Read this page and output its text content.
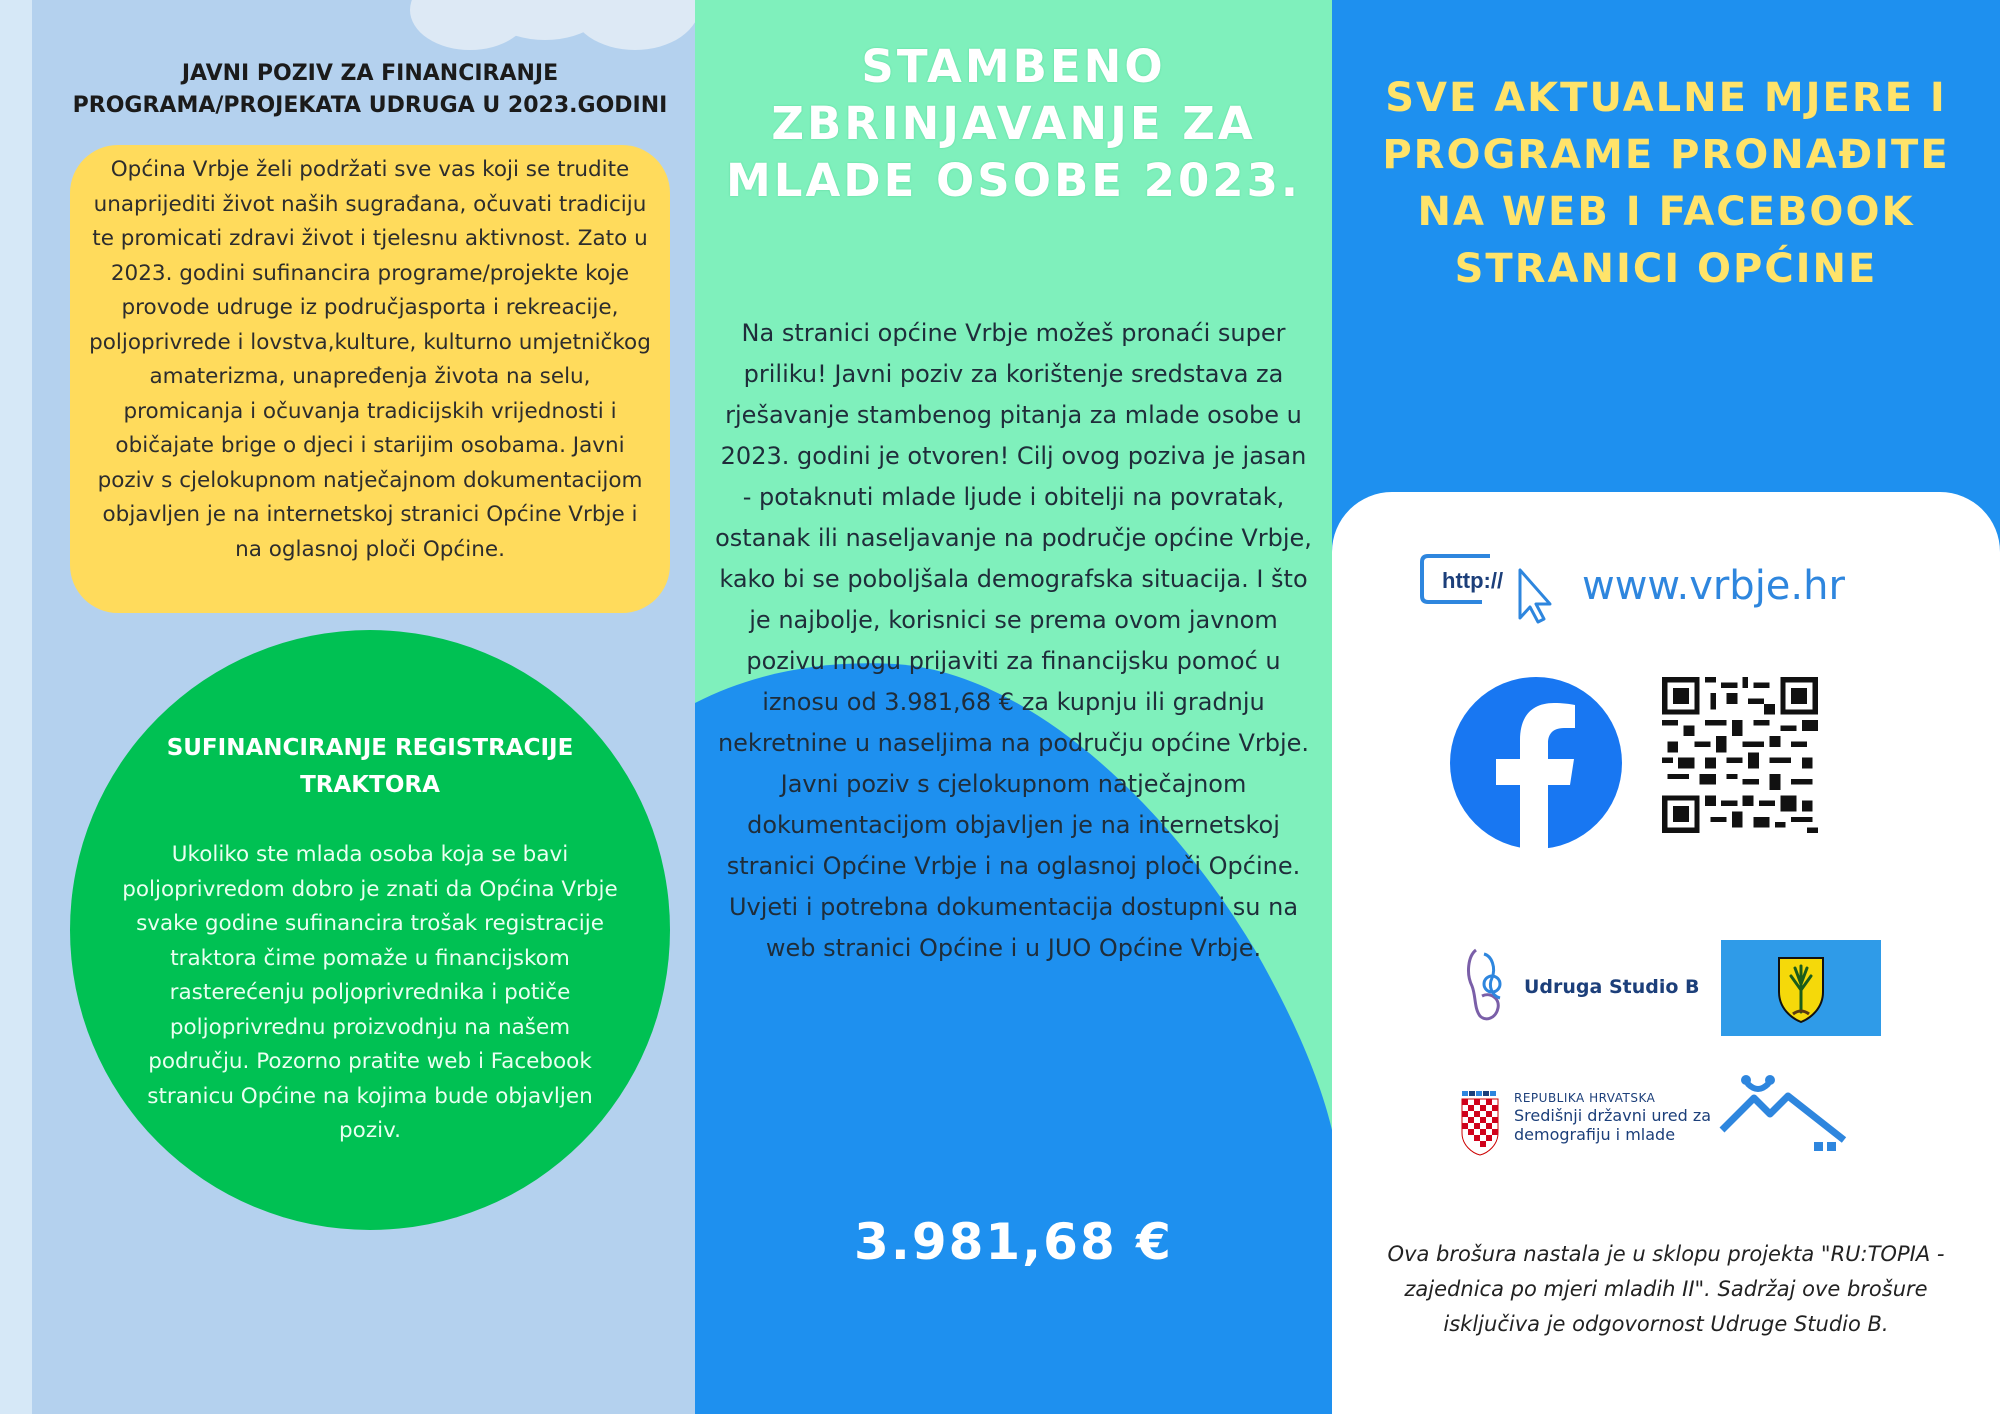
JAVNI POZIV ZA FINANCIRANJE PROGRAMA/PROJEKATA UDRUGA U 2023.GODINI

Općina Vrbje želi podržati sve vas koji se trudite unaprijediti život naših sugrađana, očuvati tradiciju te promicati zdravi život i tjelesnu aktivnost. Zato u 2023. godini sufinancira programe/projekte koje provode udruge iz područjasporta i rekreacije, poljoprivrede i lovstva,kulture, kulturno umjetničkog amaterizma, unapređenja života na selu, promicanja i očuvanja tradicijskih vrijednosti i običajate brige o djeci i starijim osobama. Javni poziv s cjelokupnom natječajnom dokumentacijom objavljen je na internetskoj stranici Općine Vrbje i na oglasnoj ploči Općine.

SUFINANCIRANJE REGISTRACIJE TRAKTORA

Ukoliko ste mlada osoba koja se bavi poljoprivredom dobro je znati da Općina Vrbje svake godine sufinancira trošak registracije traktora čime pomaže u financijskom rasterećenju poljoprivrednika i potiče poljoprivrednu proizvodnju na našem području. Pozorno pratite web i Facebook stranicu Općine na kojima bude objavljen poziv.

STAMBENO ZBRINJAVANJE ZA MLADE OSOBE 2023.

Na stranici općine Vrbje možeš pronaći super priliku! Javni poziv za korištenje sredstava za rješavanje stambenog pitanja za mlade osobe u 2023. godini je otvoren! Cilj ovog poziva je jasan - potaknuti mlade ljude i obitelji na povratak, ostanak ili naseljavanje na područje općine Vrbje, kako bi se poboljšala demografska situacija. I što je najbolje, korisnici se prema ovom javnom pozivu mogu prijaviti za financijsku pomoć u iznosu od 3.981,68 € za kupnju ili gradnju nekretnine u naseljima na području općine Vrbje. Javni poziv s cjelokupnom natječajnom dokumentacijom objavljen je na internetskoj stranici Općine Vrbje i na oglasnoj ploči Općine. Uvjeti i potrebna dokumentacija dostupni su na web stranici Općine i u JUO Općine Vrbje.

3.981,68 €

SVE AKTUALNE MJERE I PROGRAME PRONAĐITE NA WEB I FACEBOOK STRANICI OPĆINE
http:// www.vrbje.hr

Udruga Studio B

REPUBLIKA HRVATSKA

Središnji državni ured za demografiju i mlade

Ova brošura nastala je u sklopu projekta "RU:TOPIA - zajednica po mjeri mladih II". Sadržaj ove brošure isključiva je odgovornost Udruge Studio B.
